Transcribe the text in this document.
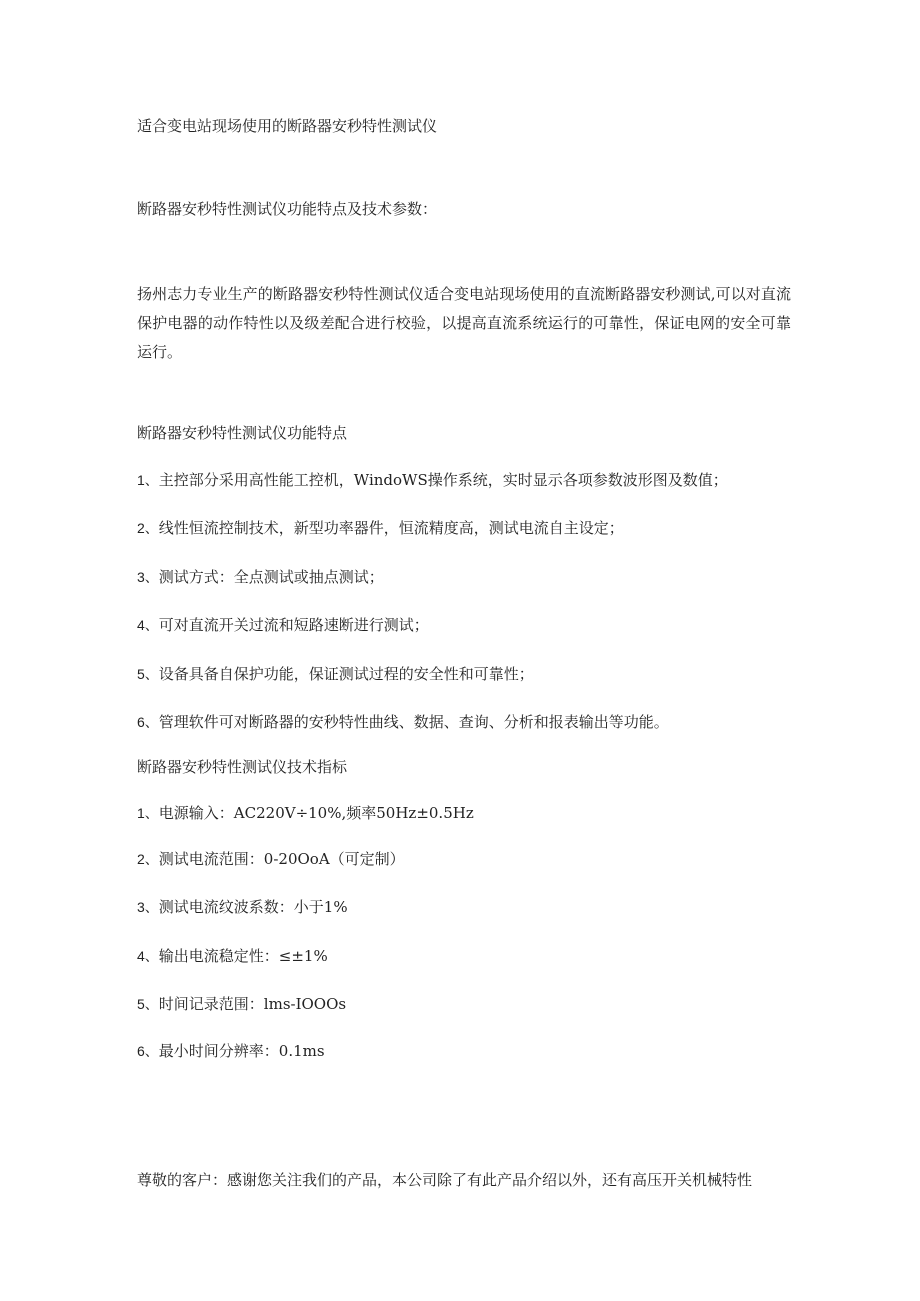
适合变电站现场使用的断路器安秒特性测试仪
断路器安秒特性测试仪功能特点及技术参数：
扬州志力专业生产的断路器安秒特性测试仪适合变电站现场使用的直流断路器安秒测试,可以对直流保护电器的动作特性以及级差配合进行校验，以提高直流系统运行的可靠性，保证电网的安全可靠运行。
断路器安秒特性测试仪功能特点
1、主控部分采用高性能工控机，WindoWS操作系统，实时显示各项参数波形图及数值；
2、线性恒流控制技术，新型功率器件，恒流精度高，测试电流自主设定；
3、测试方式：全点测试或抽点测试；
4、可对直流开关过流和短路速断进行测试；
5、设备具备自保护功能，保证测试过程的安全性和可靠性；
6、管理软件可对断路器的安秒特性曲线、数据、查询、分析和报表输出等功能。
断路器安秒特性测试仪技术指标
1、电源输入：AC220V÷10%,频率50Hz±0.5Hz
2、测试电流范围：0-20OoA（可定制）
3、测试电流纹波系数：小于1%
4、输出电流稳定性：≤±1%
5、时间记录范围：lms-IOOOs
6、最小时间分辨率：0.1ms
尊敬的客户：感谢您关注我们的产品，本公司除了有此产品介绍以外，还有高压开关机械特性
